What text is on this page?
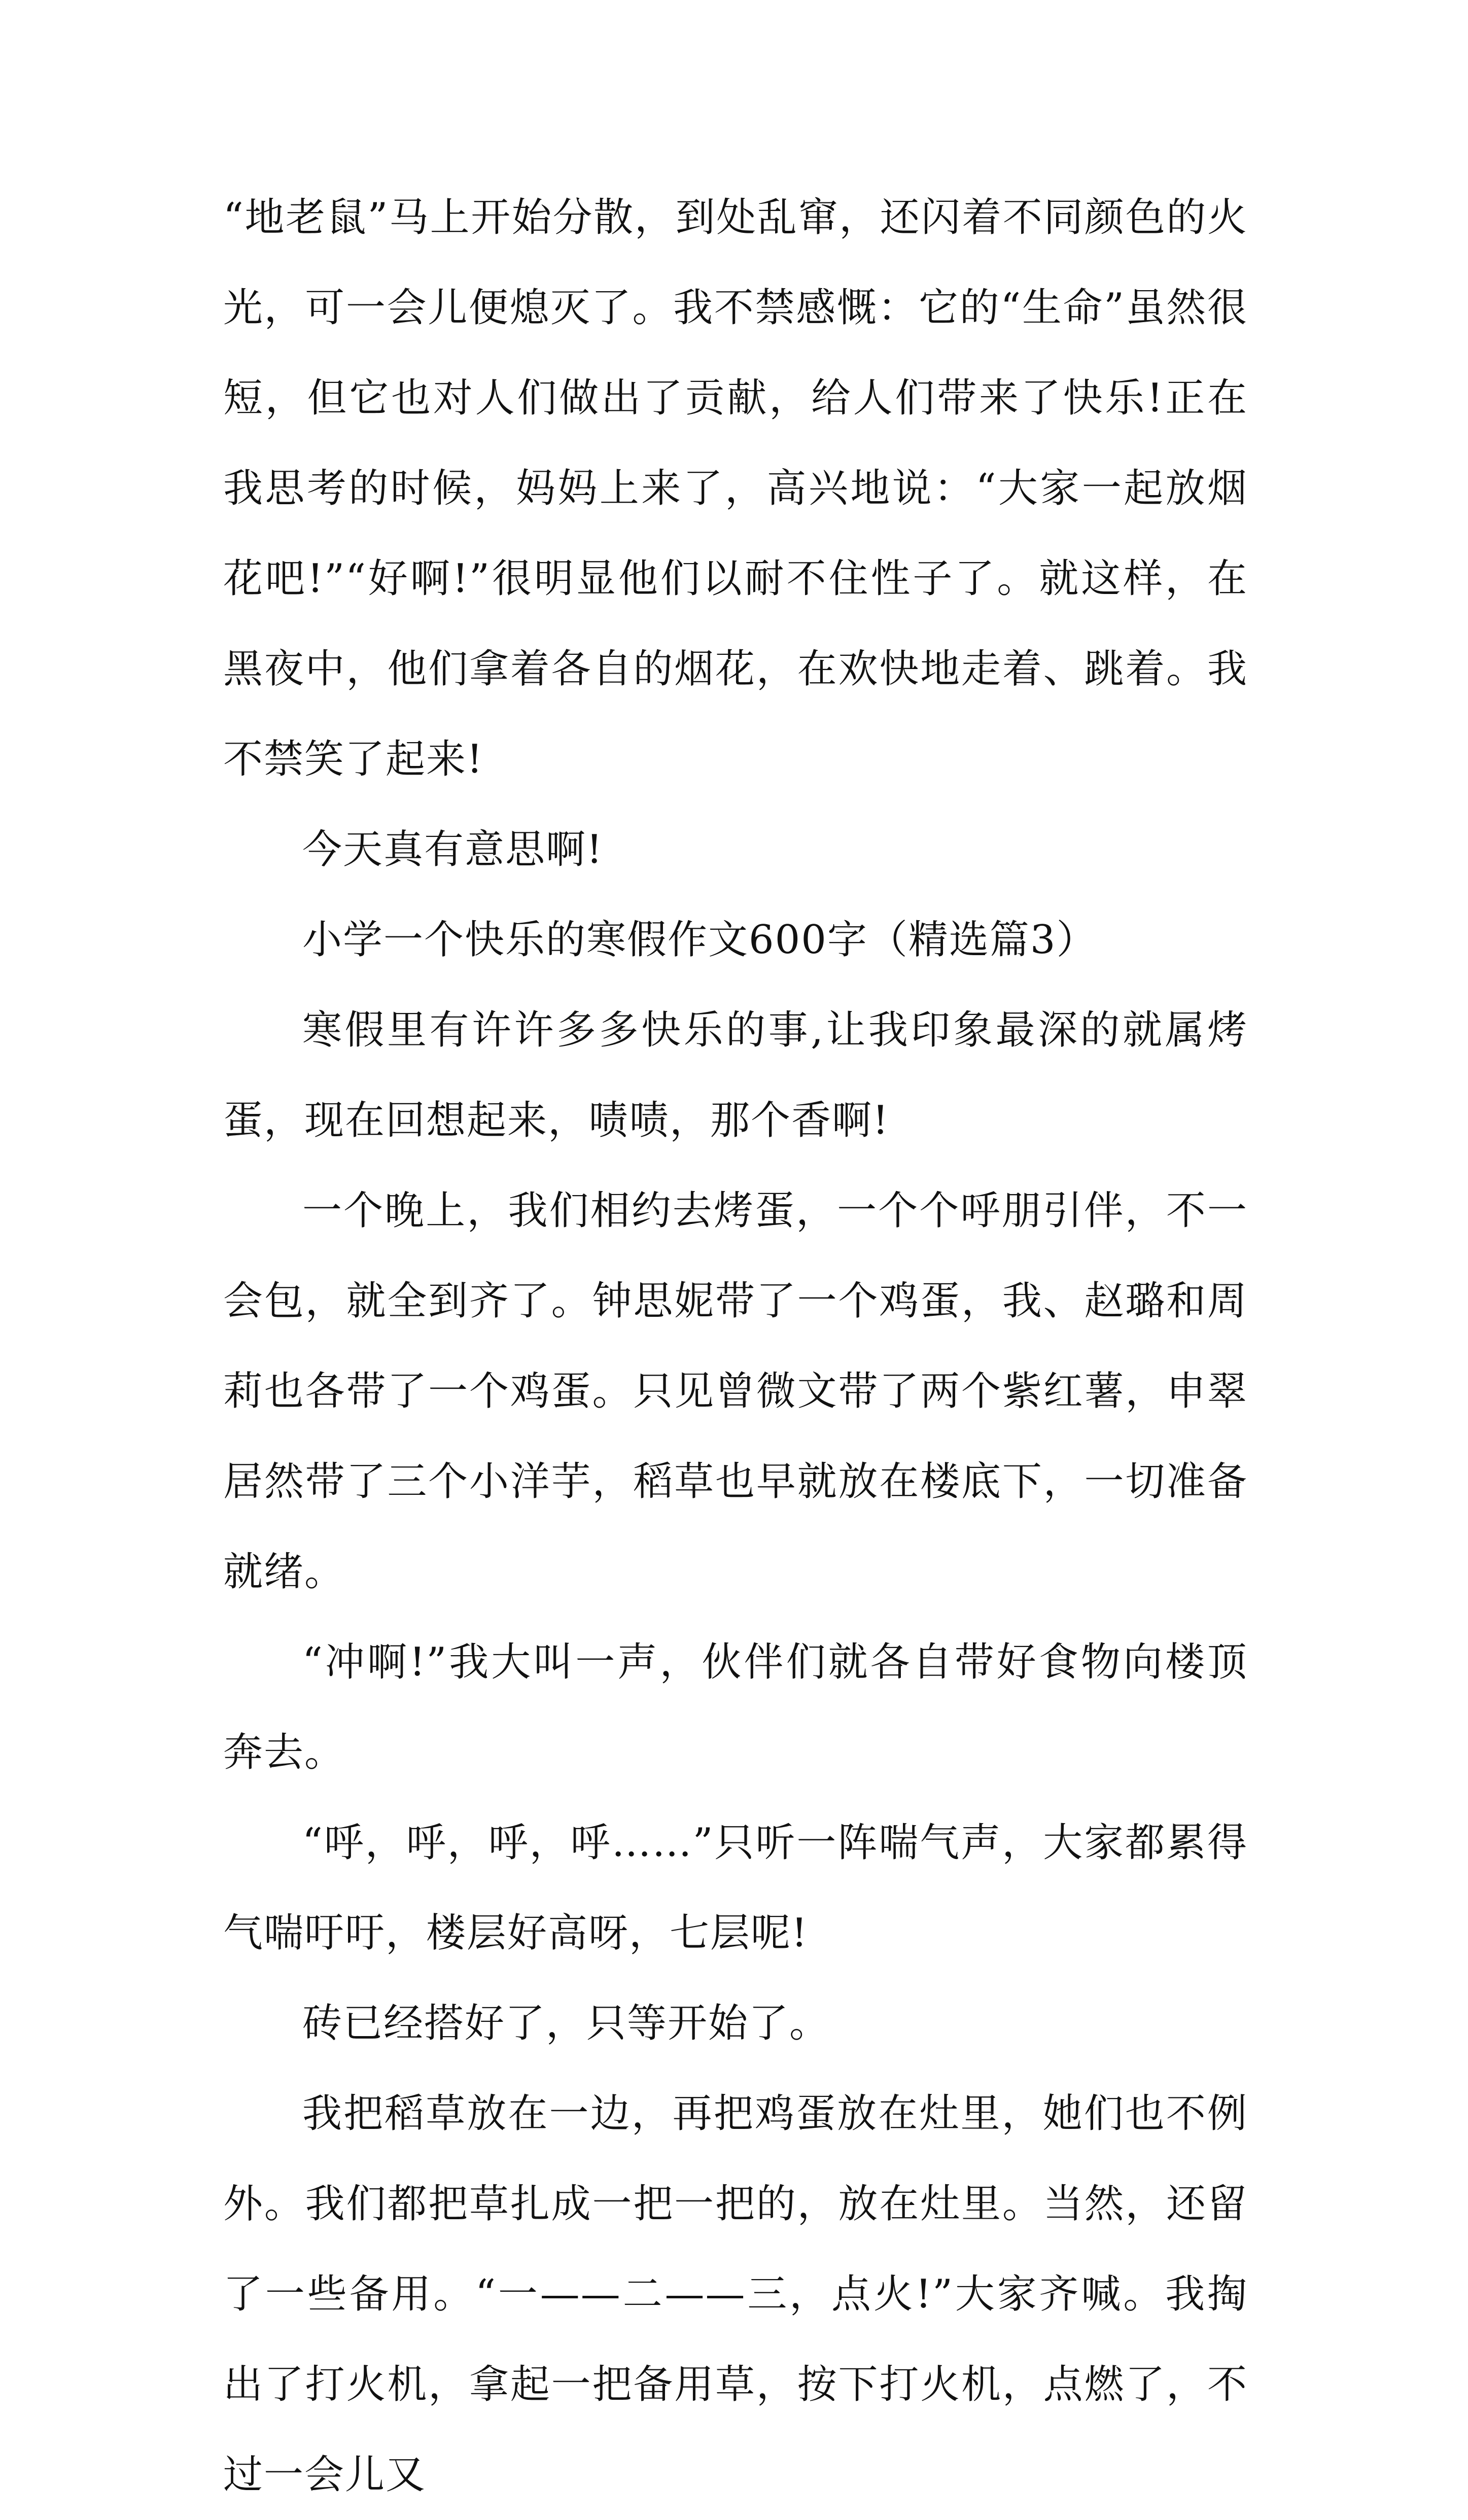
“地老鼠”马上开始分散，到处乱窜，还闪着不同颜色的火光，可一会儿便熄灭了。我不禁感慨：它的“生命”虽然很短，但它也对人们做出了贡献，给人们带来了快乐!正在我思考的时候，妈妈上来了，高兴地说：“大家一起放烟花吧!”“好啊!”很明显他们以耐不住性子了。就这样，在黑夜中，他们拿着各自的烟花，在欢快地走着、跳着。我不禁笑了起来!

今天真有意思啊!

小学一个快乐的寒假作文600字（精选篇3）

寒假里有许许多多快乐的事,让我印象最深的就属烤蛋，现在回想起来，啧啧，那个香啊!

一个晚上，我们相约去烤蛋，一个个呼朋引伴，不一会包，就全到齐了。钟思妮带了一个鸡蛋，我、赵璐和周莉也各带了一个鸡蛋。只见曾微文带了两个紫红薯，申翠居然带了三个小洋芋，稻草也早就放在楼底下，一切准备就绪。

“冲啊!”我大叫一声，伙伴们就各自带好食物向楼顶奔去。

“呼，呼，呼，呼……”只听一阵喘气声，大家都累得气喘吁吁，楼层好高呀，七层呢!

砖已经搭好了，只等开始了。

我把稻草放在一边，再把鸡蛋放在灶里，她们也不例外。我们都把草扎成一把一把的，放在灶里。当然，还留了一些备用。“一——二——三，点火!”大家齐喊。我掏出了打火机，拿起一把备用草，按下打火机，点燃了，不过一会儿又
